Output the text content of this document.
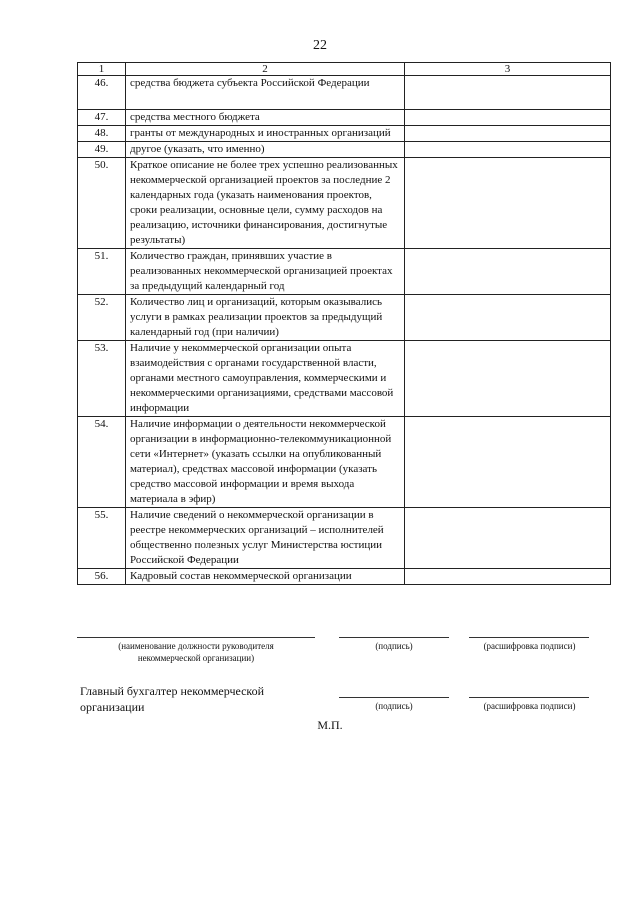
22
1	2	3
46.	средства бюджета субъекта Российской Федерации	
47.	средства местного бюджета	
48.	гранты от международных и иностранных организаций	
49.	другое (указать, что именно)	
50.	Краткое описание не более трех успешно реализованных некоммерческой организацией проектов за последние 2 календарных года (указать наименования проектов, сроки реализации, основные цели, сумму расходов на реализацию, источники финансирования, достигнутые результаты)	
51.	Количество граждан, принявших участие в реализованных некоммерческой организацией проектах за предыдущий календарный год	
52.	Количество лиц и организаций, которым оказывались услуги в рамках реализации проектов за предыдущий календарный год (при наличии)	
53.	Наличие у некоммерческой организации опыта взаимодействия с органами государственной власти, органами местного самоуправления, коммерческими и некоммерческими организациями, средствами массовой информации	
54.	Наличие информации о деятельности некоммерческой организации в информационно-телекоммуникационной сети «Интернет» (указать ссылки на опубликованный материал), средствах массовой информации (указать средство массовой информации и время выхода материала в эфир)	
55.	Наличие сведений о некоммерческой организации в реестре некоммерческих организаций – исполнителей общественно полезных услуг Министерства юстиции Российской Федерации	
56.	Кадровый состав некоммерческой организации	
(наименование должности руководителя некоммерческой организации)
(подпись)	(расшифровка подписи)
Главный бухгалтер некоммерческой организации	(подпись)	(расшифровка подписи)
М.П.
